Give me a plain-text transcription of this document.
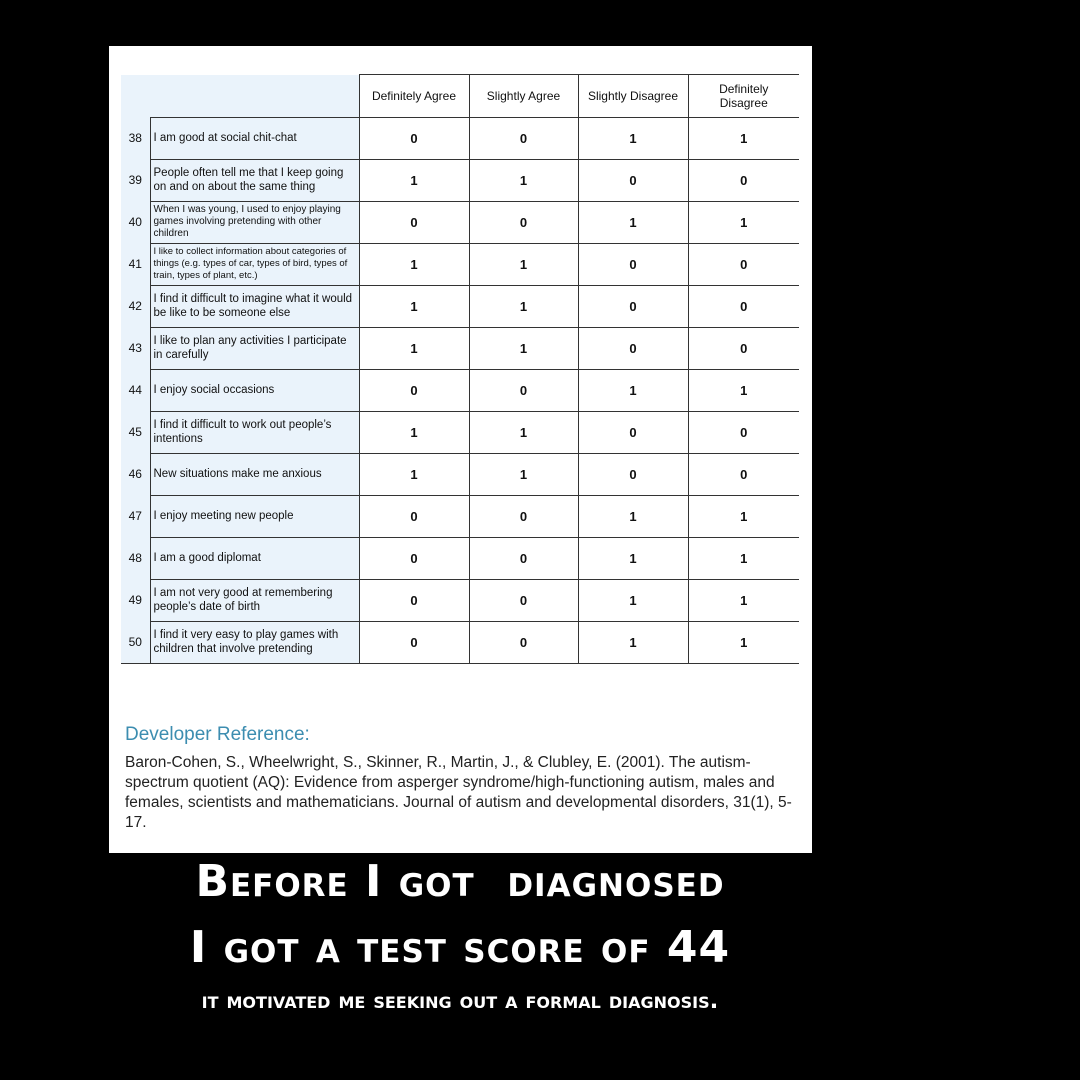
		Definitely Agree	Slightly Agree	Slightly Disagree	Definitely Disagree
38	I am good at social chit-chat	0	0	1	1
39	People often tell me that I keep going on and on about the same thing	1	1	0	0
40	When I was young, I used to enjoy playing games involving pretending with other children	0	0	1	1
41	I like to collect information about categories of things (e.g. types of car, types of bird, types of train, types of plant, etc.)	1	1	0	0
42	I find it difficult to imagine what it would be like to be someone else	1	1	0	0
43	I like to plan any activities I participate in carefully	1	1	0	0
44	I enjoy social occasions	0	0	1	1
45	I find it difficult to work out people’s intentions	1	1	0	0
46	New situations make me anxious	1	1	0	0
47	I enjoy meeting new people	0	0	1	1
48	I am a good diplomat	0	0	1	1
49	I am not very good at remembering people’s date of birth	0	0	1	1
50	I find it very easy to play games with children that involve pretending	0	0	1	1
Developer Reference:
Baron-Cohen, S., Wheelwright, S., Skinner, R., Martin, J., & Clubley, E. (2001). The autism-spectrum quotient (AQ): Evidence from asperger syndrome/high-functioning autism, males and females, scientists and mathematicians. Journal of autism and developmental disorders, 31(1), 5-17.
Before I got  diagnosed
I got a test score of 44
it motivated me seeking out a formal diagnosis.
